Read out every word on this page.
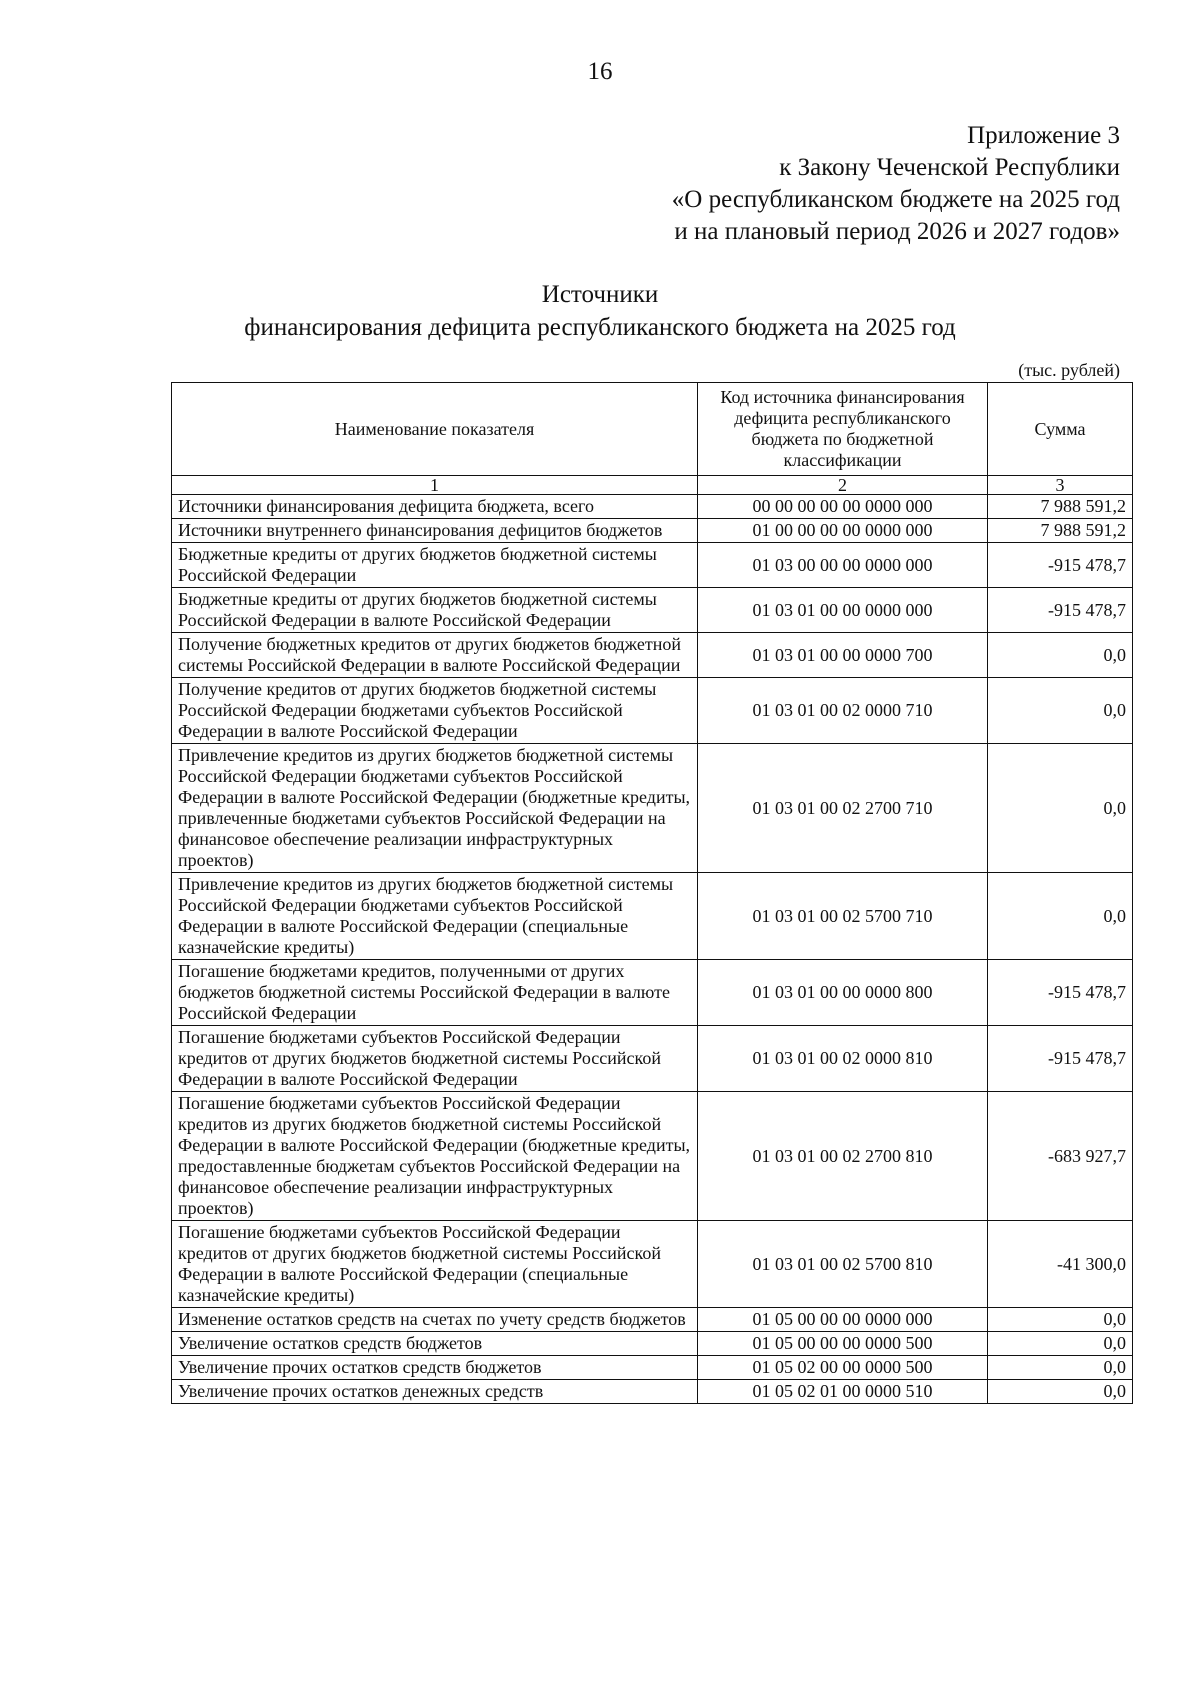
16
Приложение 3
к Закону Чеченской Республики
«О республиканском бюджете на 2025 год
и на плановый период 2026 и 2027 годов»
Источники
финансирования дефицита республиканского бюджета на 2025 год
(тыс. рублей)
Наименование показателя	Код источника финансирования дефицита республиканского бюджета по бюджетной классификации	Сумма
1	2	3
Источники финансирования дефицита бюджета, всего	00 00 00 00 00 0000 000	7 988 591,2
Источники внутреннего финансирования дефицитов бюджетов	01 00 00 00 00 0000 000	7 988 591,2
Бюджетные кредиты от других бюджетов бюджетной системы Российской Федерации	01 03 00 00 00 0000 000	-915 478,7
Бюджетные кредиты от других бюджетов бюджетной системы Российской Федерации в валюте Российской Федерации	01 03 01 00 00 0000 000	-915 478,7
Получение бюджетных кредитов от других бюджетов бюджетной системы Российской Федерации в валюте Российской Федерации	01 03 01 00 00 0000 700	0,0
Получение кредитов от других бюджетов бюджетной системы Российской Федерации бюджетами субъектов Российской Федерации в валюте Российской Федерации	01 03 01 00 02 0000 710	0,0
Привлечение кредитов из других бюджетов бюджетной системы Российской Федерации бюджетами субъектов Российской Федерации в валюте Российской Федерации (бюджетные кредиты, привлеченные бюджетами субъектов Российской Федерации на финансовое обеспечение реализации инфраструктурных проектов)	01 03 01 00 02 2700 710	0,0
Привлечение кредитов из других бюджетов бюджетной системы Российской Федерации бюджетами субъектов Российской Федерации в валюте Российской Федерации (специальные казначейские кредиты)	01 03 01 00 02 5700 710	0,0
Погашение бюджетами кредитов, полученными от других бюджетов бюджетной системы Российской Федерации в валюте Российской Федерации	01 03 01 00 00 0000 800	-915 478,7
Погашение бюджетами субъектов Российской Федерации кредитов от других бюджетов бюджетной системы Российской Федерации в валюте Российской Федерации	01 03 01 00 02 0000 810	-915 478,7
Погашение бюджетами субъектов Российской Федерации кредитов из других бюджетов бюджетной системы Российской Федерации в валюте Российской Федерации (бюджетные кредиты, предоставленные бюджетам субъектов Российской Федерации на финансовое обеспечение реализации инфраструктурных проектов)	01 03 01 00 02 2700 810	-683 927,7
Погашение бюджетами субъектов Российской Федерации кредитов от других бюджетов бюджетной системы Российской Федерации в валюте Российской Федерации (специальные казначейские кредиты)	01 03 01 00 02 5700 810	-41 300,0
Изменение остатков средств на счетах по учету средств бюджетов	01 05 00 00 00 0000 000	0,0
Увеличение остатков средств бюджетов	01 05 00 00 00 0000 500	0,0
Увеличение прочих остатков средств бюджетов	01 05 02 00 00 0000 500	0,0
Увеличение прочих остатков денежных средств	01 05 02 01 00 0000 510	0,0
